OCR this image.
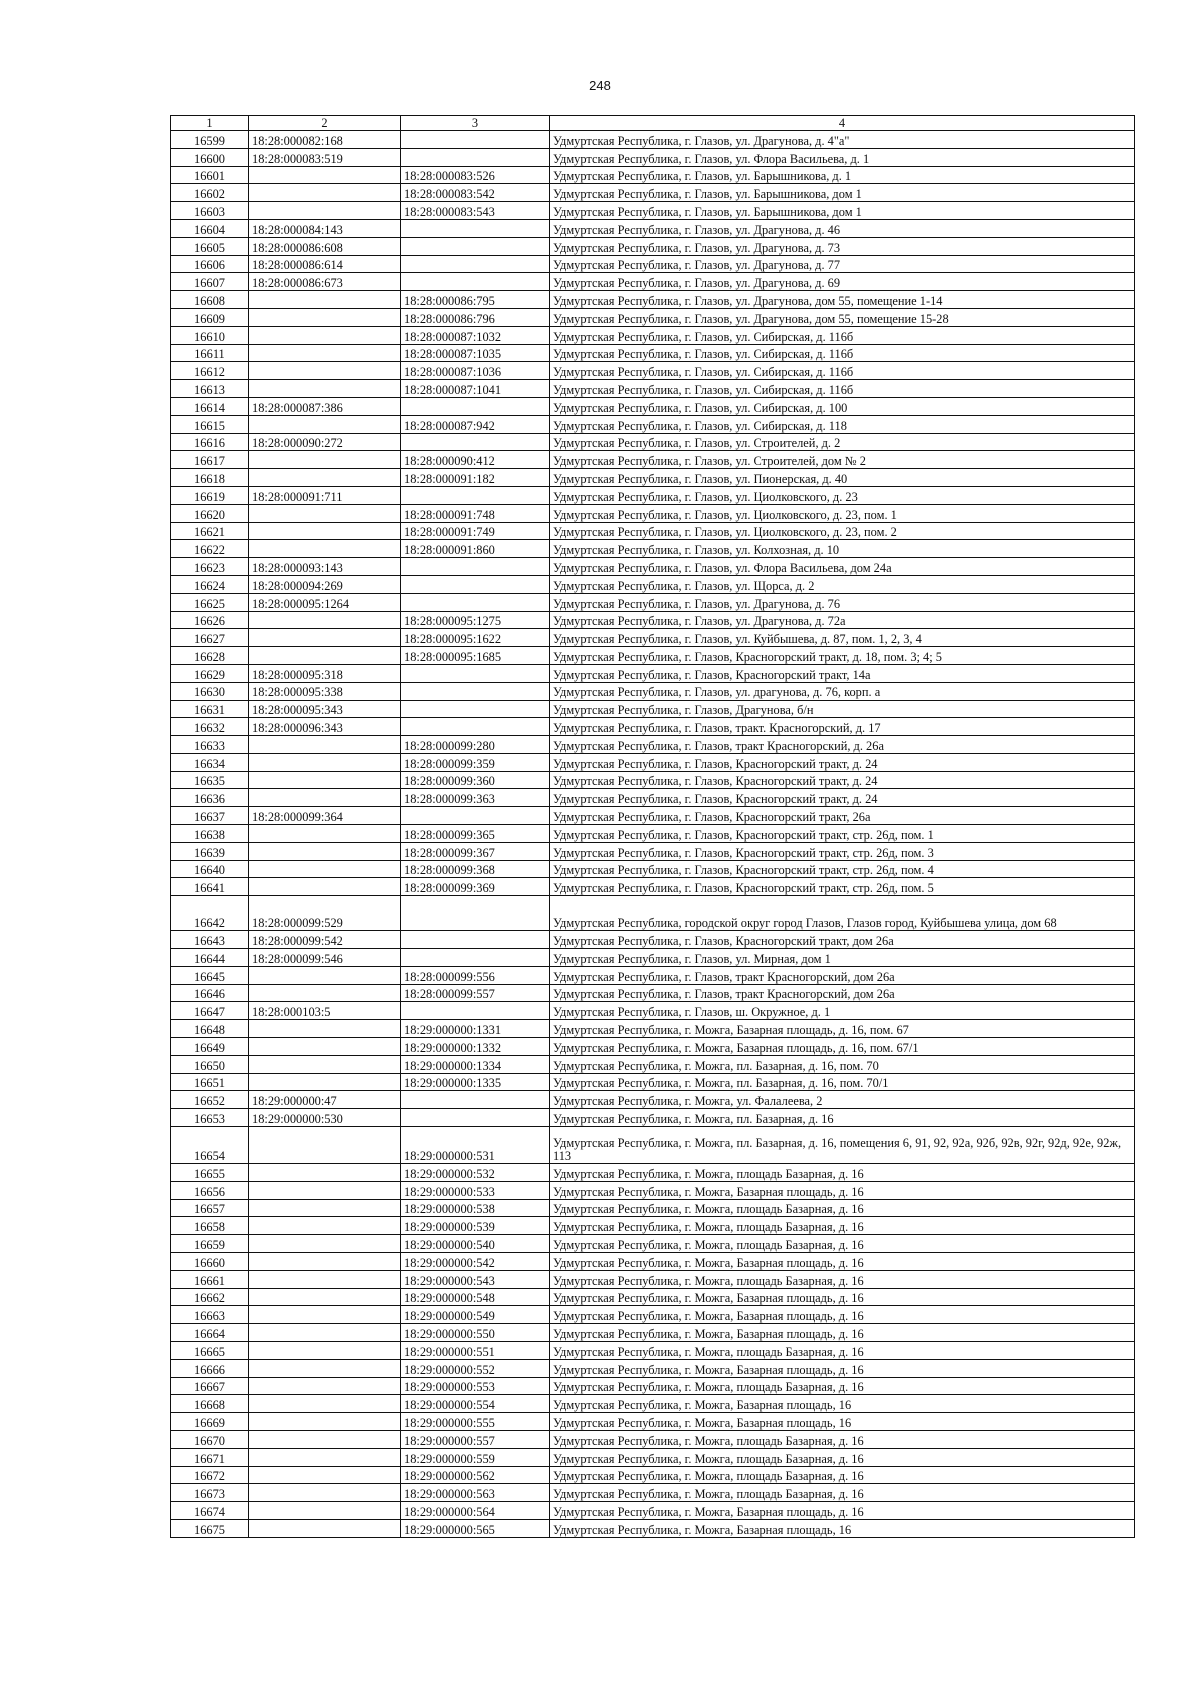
248
1	2	3	4
16599	18:28:000082:168		Удмуртская Республика, г. Глазов, ул. Драгунова, д. 4"а"
16600	18:28:000083:519		Удмуртская Республика, г. Глазов, ул. Флора Васильева, д. 1
16601		18:28:000083:526	Удмуртская Республика, г. Глазов, ул. Барышникова, д. 1
16602		18:28:000083:542	Удмуртская Республика, г. Глазов, ул. Барышникова, дом 1
16603		18:28:000083:543	Удмуртская Республика, г. Глазов, ул. Барышникова, дом 1
16604	18:28:000084:143		Удмуртская Республика, г. Глазов, ул. Драгунова, д. 46
16605	18:28:000086:608		Удмуртская Республика, г. Глазов, ул. Драгунова, д. 73
16606	18:28:000086:614		Удмуртская Республика, г. Глазов, ул. Драгунова, д. 77
16607	18:28:000086:673		Удмуртская Республика, г. Глазов, ул. Драгунова, д. 69
16608		18:28:000086:795	Удмуртская Республика, г. Глазов, ул. Драгунова, дом 55, помещение 1-14
16609		18:28:000086:796	Удмуртская Республика, г. Глазов, ул. Драгунова, дом 55, помещение 15-28
16610		18:28:000087:1032	Удмуртская Республика, г. Глазов, ул. Сибирская, д. 116б
16611		18:28:000087:1035	Удмуртская Республика, г. Глазов, ул. Сибирская, д. 116б
16612		18:28:000087:1036	Удмуртская Республика, г. Глазов, ул. Сибирская, д. 116б
16613		18:28:000087:1041	Удмуртская Республика, г. Глазов, ул. Сибирская, д. 116б
16614	18:28:000087:386		Удмуртская Республика, г. Глазов, ул. Сибирская, д. 100
16615		18:28:000087:942	Удмуртская Республика, г. Глазов, ул. Сибирская, д. 118
16616	18:28:000090:272		Удмуртская Республика, г. Глазов, ул. Строителей, д. 2
16617		18:28:000090:412	Удмуртская Республика, г. Глазов, ул. Строителей, дом № 2
16618		18:28:000091:182	Удмуртская Республика, г. Глазов, ул. Пионерская, д. 40
16619	18:28:000091:711		Удмуртская Республика, г. Глазов, ул. Циолковского, д. 23
16620		18:28:000091:748	Удмуртская Республика, г. Глазов, ул. Циолковского, д. 23, пом. 1
16621		18:28:000091:749	Удмуртская Республика, г. Глазов, ул. Циолковского, д. 23, пом. 2
16622		18:28:000091:860	Удмуртская Республика, г. Глазов, ул. Колхозная, д. 10
16623	18:28:000093:143		Удмуртская Республика, г. Глазов, ул. Флора Васильева, дом 24а
16624	18:28:000094:269		Удмуртская Республика, г. Глазов, ул. Щорса, д. 2
16625	18:28:000095:1264		Удмуртская Республика, г. Глазов, ул. Драгунова, д. 76
16626		18:28:000095:1275	Удмуртская Республика, г. Глазов, ул. Драгунова, д. 72а
16627		18:28:000095:1622	Удмуртская Республика, г. Глазов, ул. Куйбышева, д. 87, пом. 1, 2, 3, 4
16628		18:28:000095:1685	Удмуртская Республика, г. Глазов, Красногорский тракт, д. 18, пом. 3; 4; 5
16629	18:28:000095:318		Удмуртская Республика, г. Глазов, Красногорский тракт, 14а
16630	18:28:000095:338		Удмуртская Республика, г. Глазов, ул. драгунова, д. 76, корп. а
16631	18:28:000095:343		Удмуртская Республика, г. Глазов, Драгунова, б/н
16632	18:28:000096:343		Удмуртская Республика, г. Глазов, тракт. Красногорский, д. 17
16633		18:28:000099:280	Удмуртская Республика, г. Глазов, тракт Красногорский, д. 26а
16634		18:28:000099:359	Удмуртская Республика, г. Глазов, Красногорский тракт, д. 24
16635		18:28:000099:360	Удмуртская Республика, г. Глазов, Красногорский тракт, д. 24
16636		18:28:000099:363	Удмуртская Республика, г. Глазов, Красногорский тракт, д. 24
16637	18:28:000099:364		Удмуртская Республика, г. Глазов, Красногорский тракт, 26а
16638		18:28:000099:365	Удмуртская Республика, г. Глазов, Красногорский тракт, стр. 26д, пом. 1
16639		18:28:000099:367	Удмуртская Республика, г. Глазов, Красногорский тракт, стр. 26д, пом. 3
16640		18:28:000099:368	Удмуртская Республика, г. Глазов, Красногорский тракт, стр. 26д, пом. 4
16641		18:28:000099:369	Удмуртская Республика, г. Глазов, Красногорский тракт, стр. 26д, пом. 5
16642	18:28:000099:529		Удмуртская Республика, городской округ город Глазов, Глазов город, Куйбышева улица, дом 68
16643	18:28:000099:542		Удмуртская Республика, г. Глазов, Красногорский тракт, дом 26а
16644	18:28:000099:546		Удмуртская Республика, г. Глазов, ул. Мирная, дом 1
16645		18:28:000099:556	Удмуртская Республика, г. Глазов, тракт Красногорский, дом 26а
16646		18:28:000099:557	Удмуртская Республика, г. Глазов, тракт Красногорский, дом 26а
16647	18:28:000103:5		Удмуртская Республика, г. Глазов, ш. Окружное, д. 1
16648		18:29:000000:1331	Удмуртская Республика, г. Можга, Базарная площадь, д. 16, пом. 67
16649		18:29:000000:1332	Удмуртская Республика, г. Можга, Базарная площадь, д. 16, пом. 67/1
16650		18:29:000000:1334	Удмуртская Республика, г. Можга, пл. Базарная, д. 16, пом. 70
16651		18:29:000000:1335	Удмуртская Республика, г. Можга, пл. Базарная, д. 16, пом. 70/1
16652	18:29:000000:47		Удмуртская Республика, г. Можга, ул. Фалалеева, 2
16653	18:29:000000:530		Удмуртская Республика, г. Можга, пл. Базарная, д. 16
16654		18:29:000000:531	Удмуртская Республика, г. Можга, пл. Базарная, д. 16, помещения 6, 91, 92, 92а, 92б, 92в, 92г, 92д, 92е, 92ж, 113
16655		18:29:000000:532	Удмуртская Республика, г. Можга, площадь Базарная, д. 16
16656		18:29:000000:533	Удмуртская Республика, г. Можга, Базарная площадь, д. 16
16657		18:29:000000:538	Удмуртская Республика, г. Можга, площадь Базарная, д. 16
16658		18:29:000000:539	Удмуртская Республика, г. Можга, площадь Базарная, д. 16
16659		18:29:000000:540	Удмуртская Республика, г. Можга, площадь Базарная, д. 16
16660		18:29:000000:542	Удмуртская Республика, г. Можга, Базарная площадь, д. 16
16661		18:29:000000:543	Удмуртская Республика, г. Можга, площадь Базарная, д. 16
16662		18:29:000000:548	Удмуртская Республика, г. Можга, Базарная площадь, д. 16
16663		18:29:000000:549	Удмуртская Республика, г. Можга, Базарная площадь, д. 16
16664		18:29:000000:550	Удмуртская Республика, г. Можга, Базарная площадь, д. 16
16665		18:29:000000:551	Удмуртская Республика, г. Можга, площадь Базарная, д. 16
16666		18:29:000000:552	Удмуртская Республика, г. Можга, Базарная площадь, д. 16
16667		18:29:000000:553	Удмуртская Республика, г. Можга, площадь Базарная, д. 16
16668		18:29:000000:554	Удмуртская Республика, г. Можга, Базарная площадь, 16
16669		18:29:000000:555	Удмуртская Республика, г. Можга, Базарная площадь, 16
16670		18:29:000000:557	Удмуртская Республика, г. Можга, площадь Базарная, д. 16
16671		18:29:000000:559	Удмуртская Республика, г. Можга, площадь Базарная, д. 16
16672		18:29:000000:562	Удмуртская Республика, г. Можга, площадь Базарная, д. 16
16673		18:29:000000:563	Удмуртская Республика, г. Можга, площадь Базарная, д. 16
16674		18:29:000000:564	Удмуртская Республика, г. Можга, Базарная площадь, д. 16
16675		18:29:000000:565	Удмуртская Республика, г. Можга, Базарная площадь, 16
